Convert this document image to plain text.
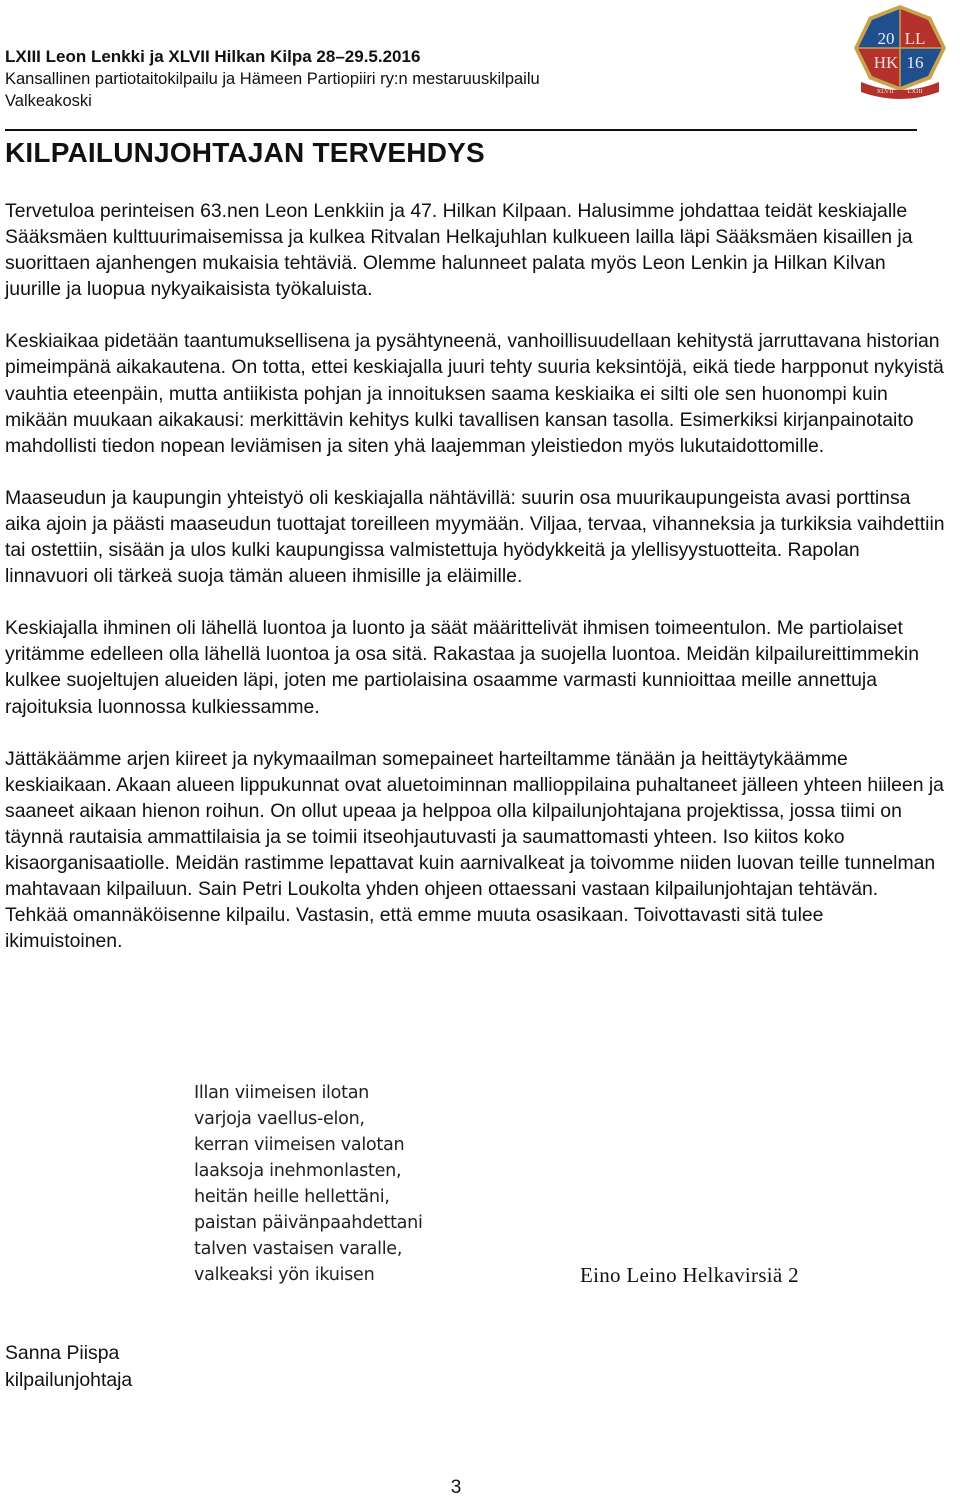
LXIII Leon Lenkki ja XLVII Hilkan Kilpa 28–29.5.2016
Kansallinen partiotaitokilpailu ja Hämeen Partiopiiri ry:n mestaruuskilpailu
Valkeakoski
20 LL
HK 16
XLVII LXIII
KILPAILUNJOHTAJAN TERVEHDYS

Tervetuloa perinteisen 63.nen Leon Lenkkiin ja 47. Hilkan Kilpaan. Halusimme johdattaa teidät keskiajalle Sääksmäen kulttuurimaisemissa ja kulkea Ritvalan Helkajuhlan kulkueen lailla läpi Sääksmäen kisaillen ja suorittaen ajanhengen mukaisia tehtäviä. Olemme halunneet palata myös Leon Lenkin ja Hilkan Kilvan juurille ja luopua nykyaikaisista työkaluista.

Keskiaikaa pidetään taantumuksellisena ja pysähtyneenä, vanhoillisuudellaan kehitystä jarruttavana historian pimeimpänä aikakautena. On totta, ettei keskiajalla juuri tehty suuria keksintöjä, eikä tiede harpponut nykyistä vauhtia eteenpäin, mutta antiikista pohjan ja innoituksen saama keskiaika ei silti ole sen huonompi kuin mikään muukaan aikakausi: merkittävin kehitys kulki tavallisen kansan tasolla. Esimerkiksi kirjanpainotaito mahdollisti tiedon nopean leviämisen ja siten yhä laajemman yleistiedon myös lukutaidottomille.

Maaseudun ja kaupungin yhteistyö oli keskiajalla nähtävillä: suurin osa muurikaupungeista avasi porttinsa aika ajoin ja päästi maaseudun tuottajat toreilleen myymään. Viljaa, tervaa, vihanneksia ja turkiksia vaihdettiin tai ostettiin, sisään ja ulos kulki kaupungissa valmistettuja hyödykkeitä ja ylellisyystuotteita. Rapolan linnavuori oli tärkeä suoja tämän alueen ihmisille ja eläimille.

Keskiajalla ihminen oli lähellä luontoa ja luonto ja säät määrittelivät ihmisen toimeentulon. Me partiolaiset yritämme edelleen olla lähellä luontoa ja osa sitä. Rakastaa ja suojella luontoa. Meidän kilpailureittimmekin kulkee suojeltujen alueiden läpi, joten me partiolaisina osaamme varmasti kunnioittaa meille annettuja rajoituksia luonnossa kulkiessamme.

Jättäkäämme arjen kiireet ja nykymaailman somepaineet harteiltamme tänään ja heittäytykäämme keskiaikaan. Akaan alueen lippukunnat ovat aluetoiminnan mallioppilaina puhaltaneet jälleen yhteen hiileen ja saaneet aikaan hienon roihun. On ollut upeaa ja helppoa olla kilpailunjohtajana projektissa, jossa tiimi on täynnä rautaisia ammattilaisia ja se toimii itseohjautuvasti ja saumattomasti yhteen. Iso kiitos koko kisaorganisaatiolle. Meidän rastimme lepattavat kuin aarnivalkeat ja toivomme niiden luovan teille tunnelman mahtavaan kilpailuun. Sain Petri Loukolta yhden ohjeen ottaessani vastaan kilpailunjohtajan tehtävän. Tehkää omannäköisenne kilpailu. Vastasin, että emme muuta osasikaan. Toivottavasti sitä tulee ikimuistoinen.

Illan viimeisen ilotan
varjoja vaellus-elon,
kerran viimeisen valotan
laaksoja inehmonlasten,
heitän heille hellettäni,
paistan päivänpaahdettani
talven vastaisen varalle,
valkeaksi yön ikuisen	Eino Leino Helkavirsiä 2
Sanna Piispa
kilpailunjohtaja
3
